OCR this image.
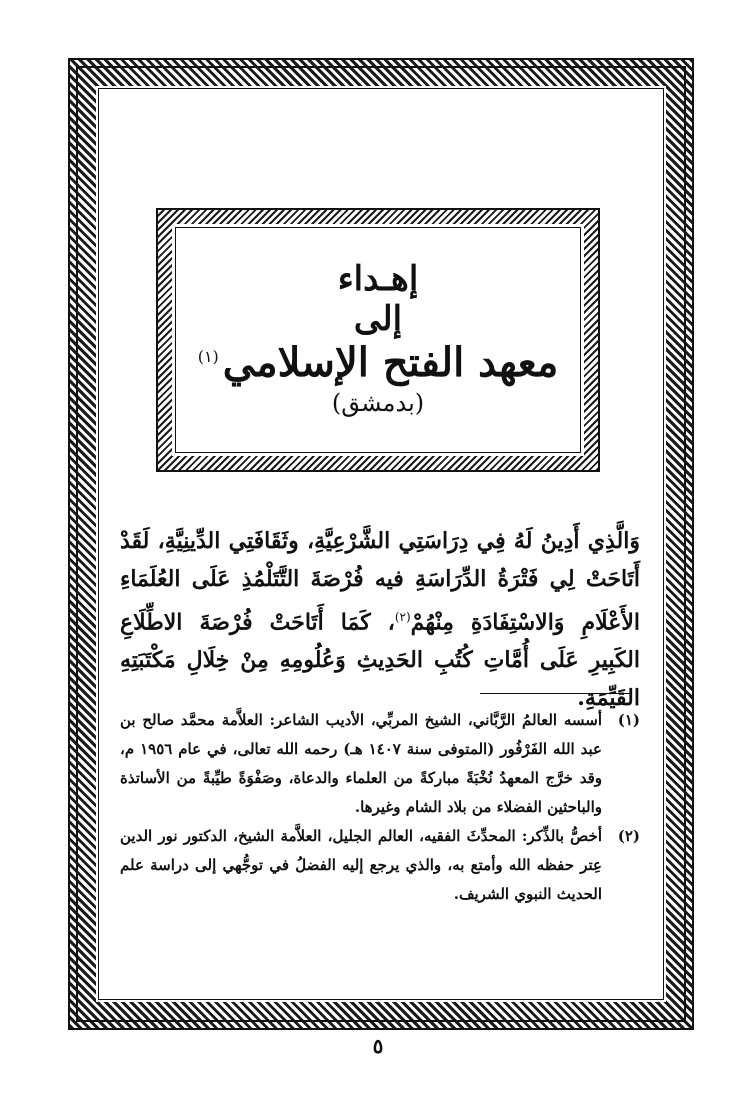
إهـداء
إلى
معهد الفتح الإسلامي$^{(١)}$
(بدمشق)
وَالَّذِي أَدِينُ لَهُ فِي دِرَاسَتِي الشَّرْعِيَّةِ، وثَقَافَتِي الدِّينِيَّةِ، لَقَدْ أَتَاحَتْ لِي فَتْرَةُ الدِّرَاسَةِ فيه فُرْصَةَ التَّتَلْمُذِ عَلَى العُلَمَاءِ الأَعْلَامِ وَالاسْتِفَادَةِ مِنْهُمْ$^{(٢)}$، كَمَا أَتَاحَتْ فُرْصَةَ الاطِّلَاعِ الكَبِيرِ عَلَى أُمَّاتِ كُتُبِ الحَدِيثِ وَعُلُومِهِ مِنْ خِلَالِ مَكْتَبَتِهِ القَيِّمَةِ.
(١)
أسسه العالمُ الرَّبَّاني، الشيخ المربِّي، الأديب الشاعر: العلاَّمة محمَّد صالح بن عبد الله الفَرْفُور (المتوفى سنة ١٤٠٧ هـ) رحمه الله تعالى، في عام ١٩٥٦ م، وقد خرَّج المعهدُ نُخْبَةً مباركةً من العلماء والدعاة، وصَفْوَةً طيِّبةً من الأساتذة والباحثين الفضلاء من بلاد الشام وغيرها.
(٢)
أخصُّ بالذِّكر: المحدِّثَ الفقيه، العالم الجليل، العلاَّمة الشيخ، الدكتور نور الدين عِتر حفظه الله وأمتع به، والذي يرجع إليه الفضلُ في توجُّهي إلى دراسة علم الحديث النبوي الشريف.
٥
